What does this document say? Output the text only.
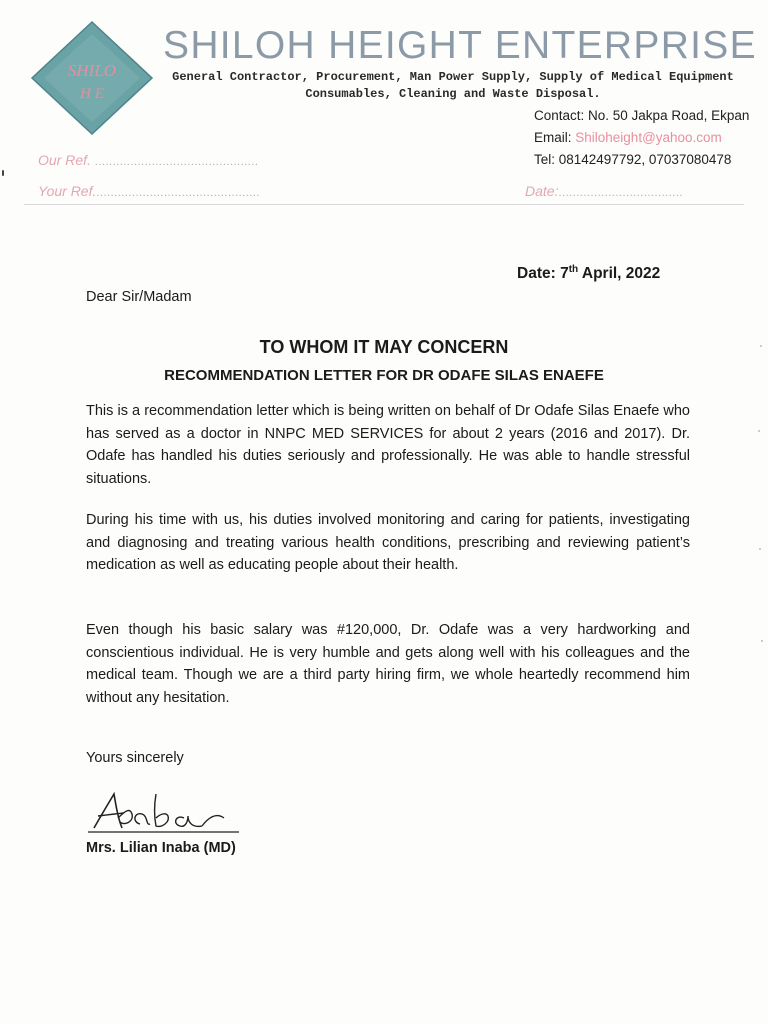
SHILO
H E
SHILOH HEIGHT ENTERPRISE
General Contractor, Procurement, Man Power Supply, Supply of Medical Equipment
Consumables, Cleaning and Waste Disposal.
Contact: No. 50 Jakpa Road, Ekpan
Email: Shiloheight@yahoo.com
Tel: 08142497792, 07037080478
Our Ref. ..............................................
Your Ref...............................................	Date:...................................
Date: 7th April, 2022
Dear Sir/Madam
TO WHOM IT MAY CONCERN
RECOMMENDATION LETTER FOR DR ODAFE SILAS ENAEFE

This is a recommendation letter which is being written on behalf of Dr Odafe Silas Enaefe who has served as a doctor in NNPC MED SERVICES for about 2 years (2016 and 2017). Dr. Odafe has handled his duties seriously and professionally. He was able to handle stressful situations.

During his time with us, his duties involved monitoring and caring for patients, investigating and diagnosing and treating various health conditions, prescribing and reviewing patient’s medication as well as educating people about their health.

Even though his basic salary was #120,000, Dr. Odafe was a very hardworking and conscientious individual. He is very humble and gets along well with his colleagues and the medical team. Though we are a third party hiring firm, we whole heartedly recommend him without any hesitation.

Yours sincerely
Mrs. Lilian Inaba (MD)
